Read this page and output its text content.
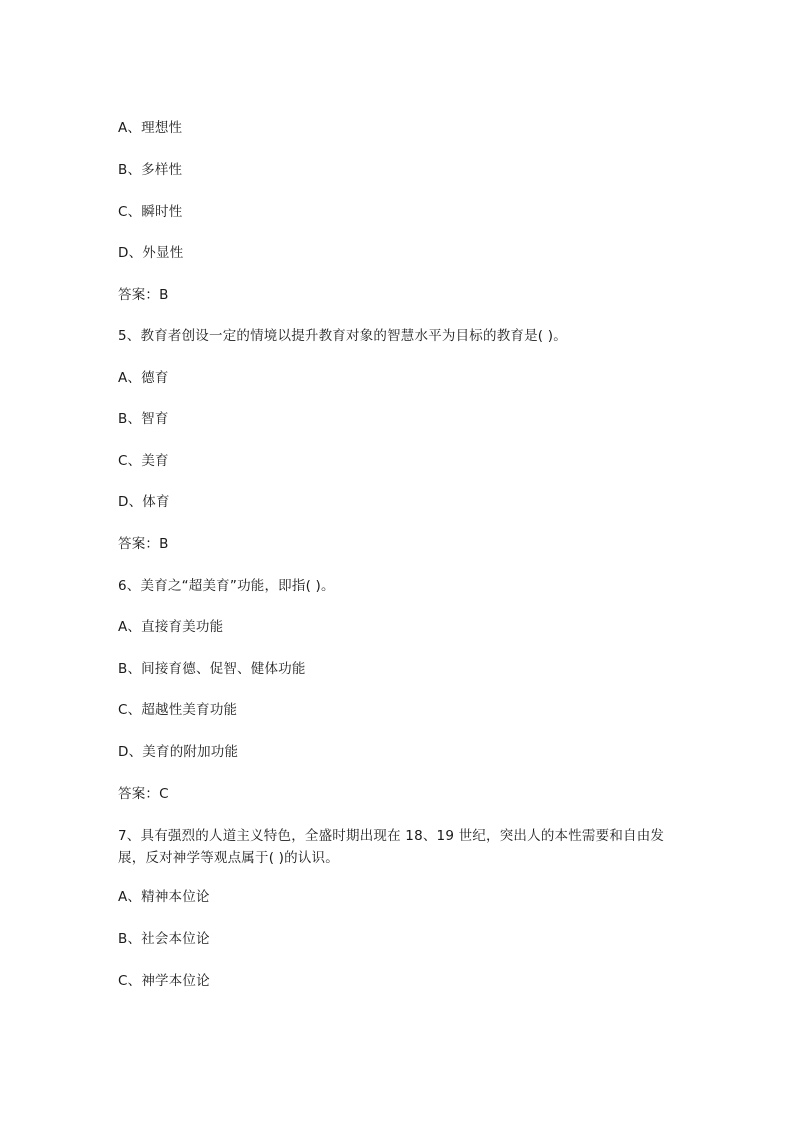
A、理想性
B、多样性
C、瞬时性
D、外显性
答案：B
5、教育者创设一定的情境以提升教育对象的智慧水平为目标的教育是( )。
A、德育
B、智育
C、美育
D、体育
答案：B
6、美育之“超美育”功能，即指( )。
A、直接育美功能
B、间接育德、促智、健体功能
C、超越性美育功能
D、美育的附加功能
答案：C
7、具有强烈的人道主义特色，全盛时期出现在 18、19 世纪，突出人的本性需要和自由发
展，反对神学等观点属于( )的认识。
A、精神本位论
B、社会本位论
C、神学本位论
